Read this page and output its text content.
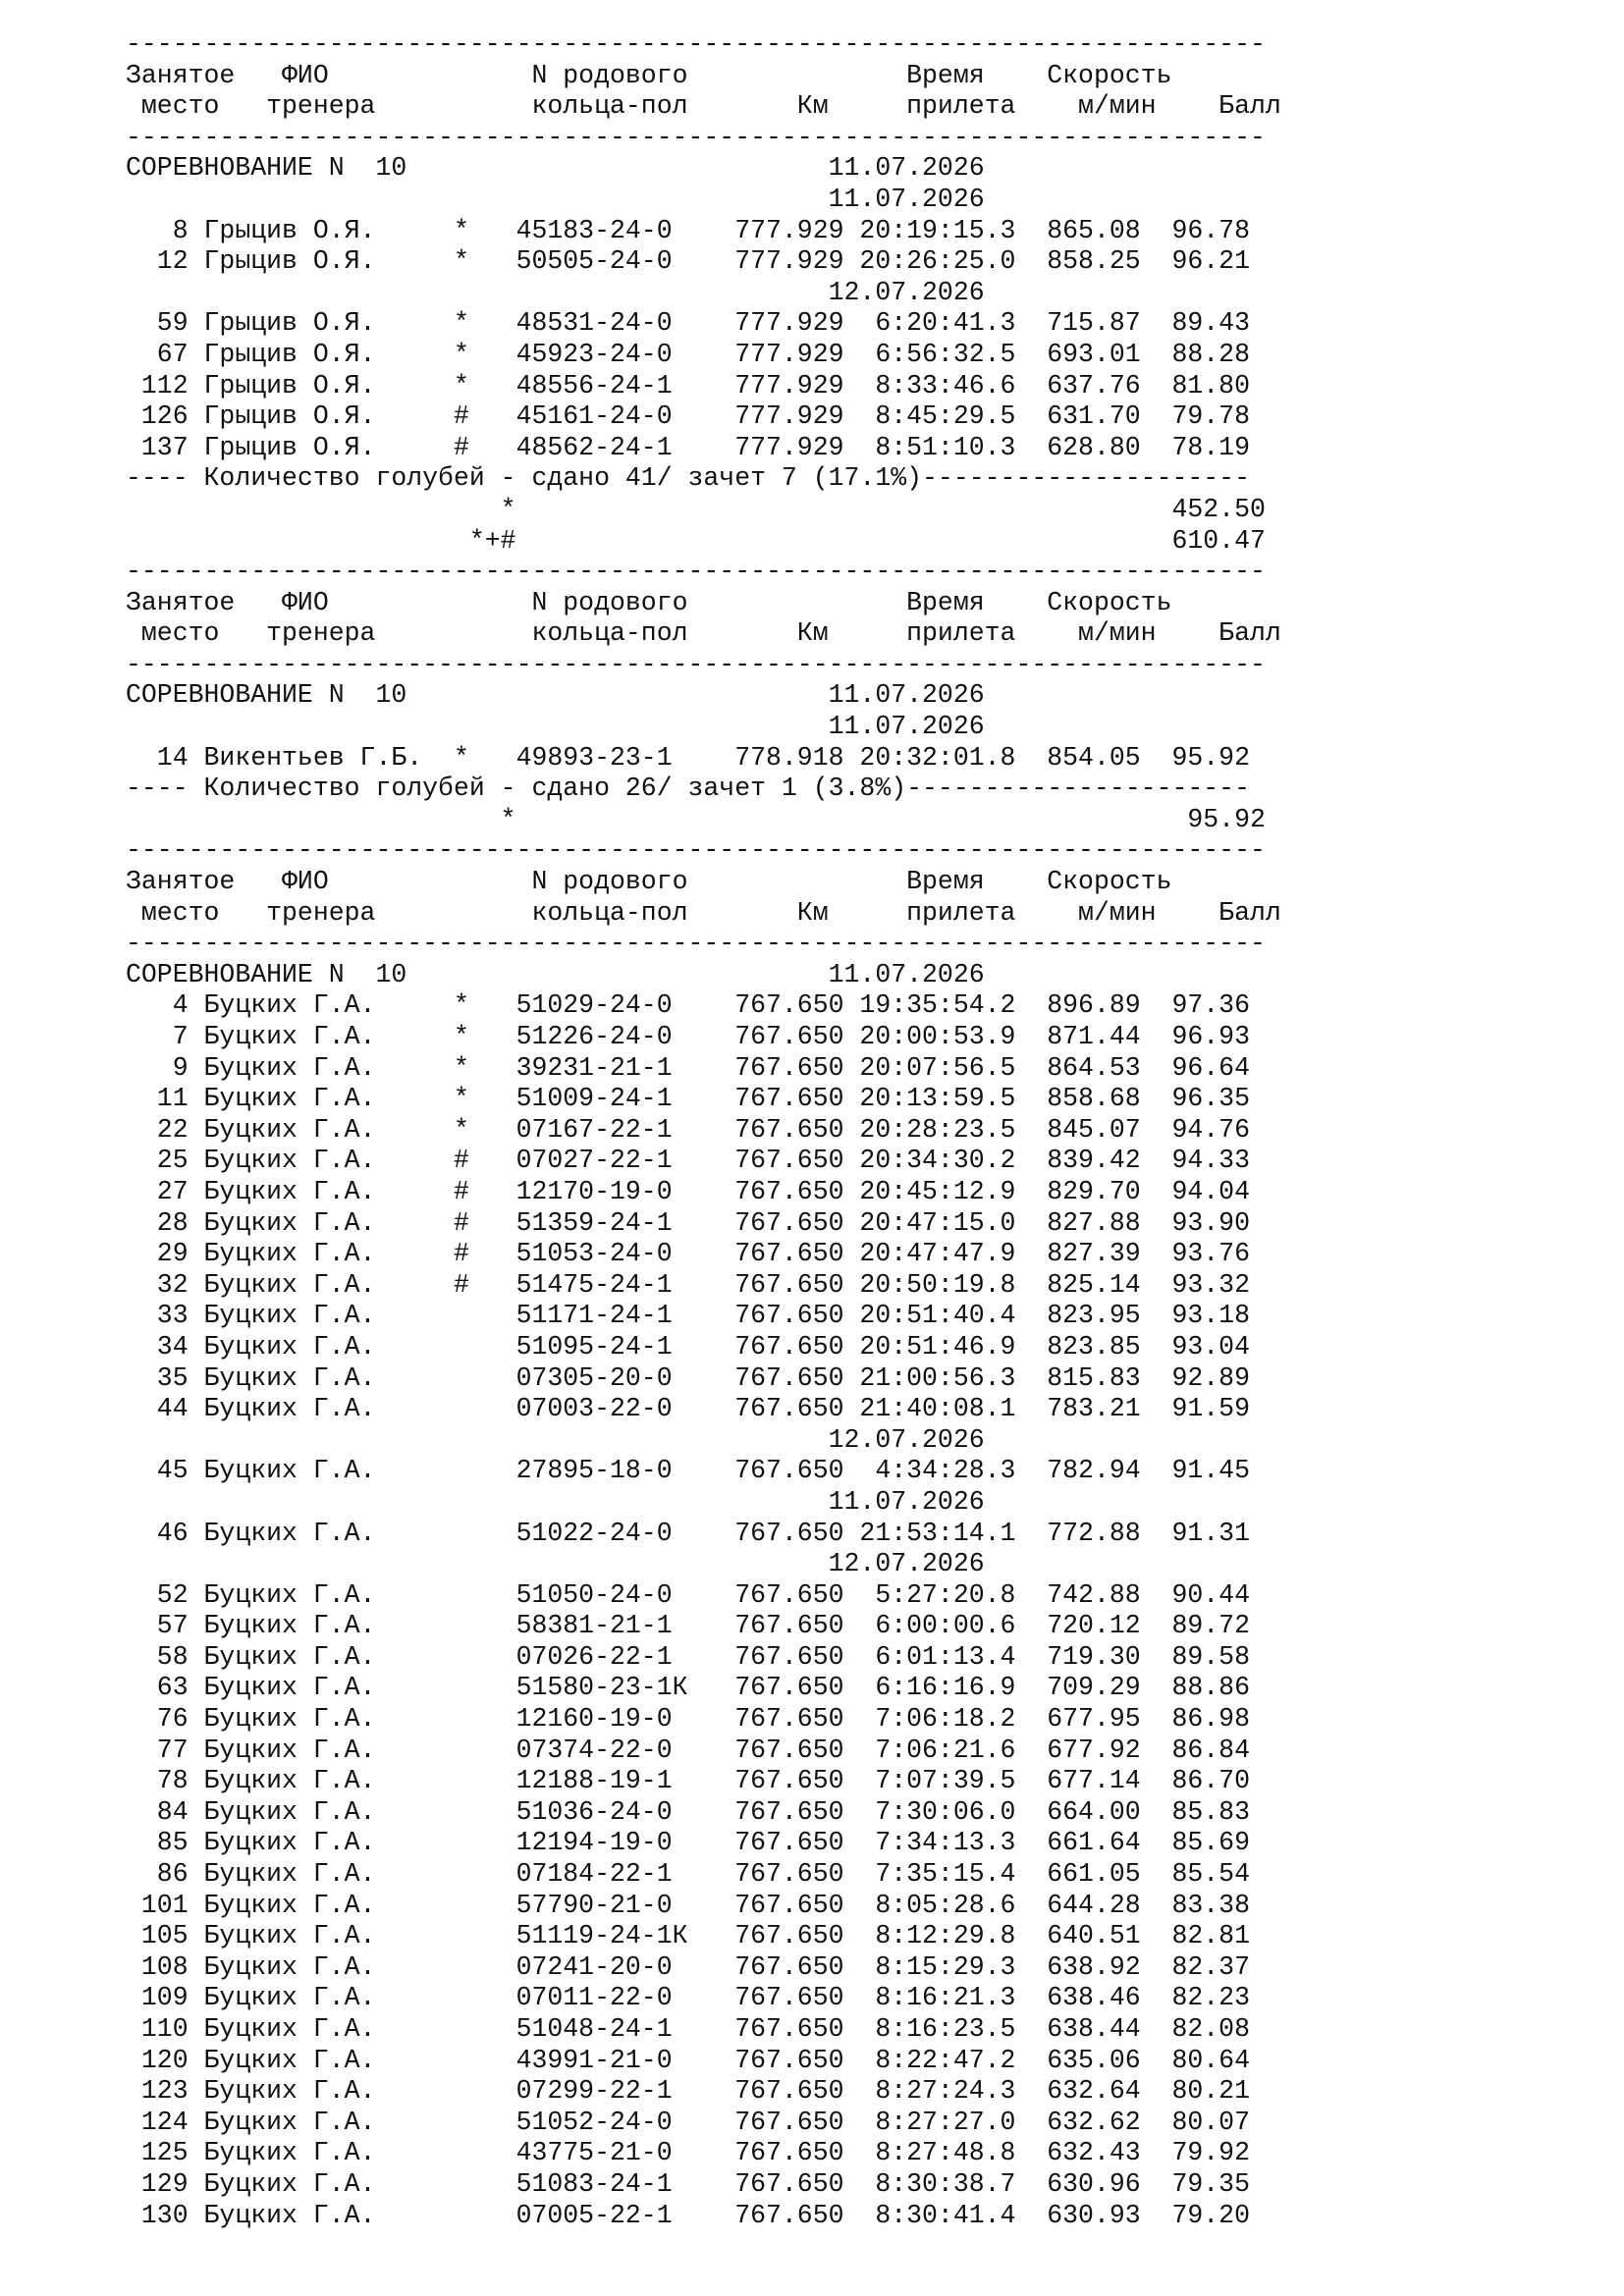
-------------------------------------------------------------------------
Занятое   ФИО             N родового              Время    Скорость
место   тренера          кольца-пол       Км     прилета    м/мин    Балл
-------------------------------------------------------------------------
СОРЕВНОВАНИЕ N  10                           11.07.2026
11.07.2026
8 Грыцив О.Я.     *   45183-24-0    777.929 20:19:15.3  865.08  96.78
12 Грыцив О.Я.     *   50505-24-0    777.929 20:26:25.0  858.25  96.21
12.07.2026
59 Грыцив О.Я.     *   48531-24-0    777.929  6:20:41.3  715.87  89.43
67 Грыцив О.Я.     *   45923-24-0    777.929  6:56:32.5  693.01  88.28
112 Грыцив О.Я.     *   48556-24-1    777.929  8:33:46.6  637.76  81.80
126 Грыцив О.Я.     #   45161-24-0    777.929  8:45:29.5  631.70  79.78
137 Грыцив О.Я.     #   48562-24-1    777.929  8:51:10.3  628.80  78.19
---- Количество голубей - сдано 41/ зачет 7 (17.1%)---------------------
*                                          452.50
*+#                                          610.47
-------------------------------------------------------------------------
Занятое   ФИО             N родового              Время    Скорость
место   тренера          кольца-пол       Км     прилета    м/мин    Балл
-------------------------------------------------------------------------
СОРЕВНОВАНИЕ N  10                           11.07.2026
11.07.2026
14 Викентьев Г.Б.  *   49893-23-1    778.918 20:32:01.8  854.05  95.92
---- Количество голубей - сдано 26/ зачет 1 (3.8%)----------------------
*                                           95.92
-------------------------------------------------------------------------
Занятое   ФИО             N родового              Время    Скорость
место   тренера          кольца-пол       Км     прилета    м/мин    Балл
-------------------------------------------------------------------------
СОРЕВНОВАНИЕ N  10                           11.07.2026
4 Буцких Г.А.     *   51029-24-0    767.650 19:35:54.2  896.89  97.36
7 Буцких Г.А.     *   51226-24-0    767.650 20:00:53.9  871.44  96.93
9 Буцких Г.А.     *   39231-21-1    767.650 20:07:56.5  864.53  96.64
11 Буцких Г.А.     *   51009-24-1    767.650 20:13:59.5  858.68  96.35
22 Буцких Г.А.     *   07167-22-1    767.650 20:28:23.5  845.07  94.76
25 Буцких Г.А.     #   07027-22-1    767.650 20:34:30.2  839.42  94.33
27 Буцких Г.А.     #   12170-19-0    767.650 20:45:12.9  829.70  94.04
28 Буцких Г.А.     #   51359-24-1    767.650 20:47:15.0  827.88  93.90
29 Буцких Г.А.     #   51053-24-0    767.650 20:47:47.9  827.39  93.76
32 Буцких Г.А.     #   51475-24-1    767.650 20:50:19.8  825.14  93.32
33 Буцких Г.А.         51171-24-1    767.650 20:51:40.4  823.95  93.18
34 Буцких Г.А.         51095-24-1    767.650 20:51:46.9  823.85  93.04
35 Буцких Г.А.         07305-20-0    767.650 21:00:56.3  815.83  92.89
44 Буцких Г.А.         07003-22-0    767.650 21:40:08.1  783.21  91.59
12.07.2026
45 Буцких Г.А.         27895-18-0    767.650  4:34:28.3  782.94  91.45
11.07.2026
46 Буцких Г.А.         51022-24-0    767.650 21:53:14.1  772.88  91.31
12.07.2026
52 Буцких Г.А.         51050-24-0    767.650  5:27:20.8  742.88  90.44
57 Буцких Г.А.         58381-21-1    767.650  6:00:00.6  720.12  89.72
58 Буцких Г.А.         07026-22-1    767.650  6:01:13.4  719.30  89.58
63 Буцких Г.А.         51580-23-1К   767.650  6:16:16.9  709.29  88.86
76 Буцких Г.А.         12160-19-0    767.650  7:06:18.2  677.95  86.98
77 Буцких Г.А.         07374-22-0    767.650  7:06:21.6  677.92  86.84
78 Буцких Г.А.         12188-19-1    767.650  7:07:39.5  677.14  86.70
84 Буцких Г.А.         51036-24-0    767.650  7:30:06.0  664.00  85.83
85 Буцких Г.А.         12194-19-0    767.650  7:34:13.3  661.64  85.69
86 Буцких Г.А.         07184-22-1    767.650  7:35:15.4  661.05  85.54
101 Буцких Г.А.         57790-21-0    767.650  8:05:28.6  644.28  83.38
105 Буцких Г.А.         51119-24-1К   767.650  8:12:29.8  640.51  82.81
108 Буцких Г.А.         07241-20-0    767.650  8:15:29.3  638.92  82.37
109 Буцких Г.А.         07011-22-0    767.650  8:16:21.3  638.46  82.23
110 Буцких Г.А.         51048-24-1    767.650  8:16:23.5  638.44  82.08
120 Буцких Г.А.         43991-21-0    767.650  8:22:47.2  635.06  80.64
123 Буцких Г.А.         07299-22-1    767.650  8:27:24.3  632.64  80.21
124 Буцких Г.А.         51052-24-0    767.650  8:27:27.0  632.62  80.07
125 Буцких Г.А.         43775-21-0    767.650  8:27:48.8  632.43  79.92
129 Буцких Г.А.         51083-24-1    767.650  8:30:38.7  630.96  79.35
130 Буцких Г.А.         07005-22-1    767.650  8:30:41.4  630.93  79.20
